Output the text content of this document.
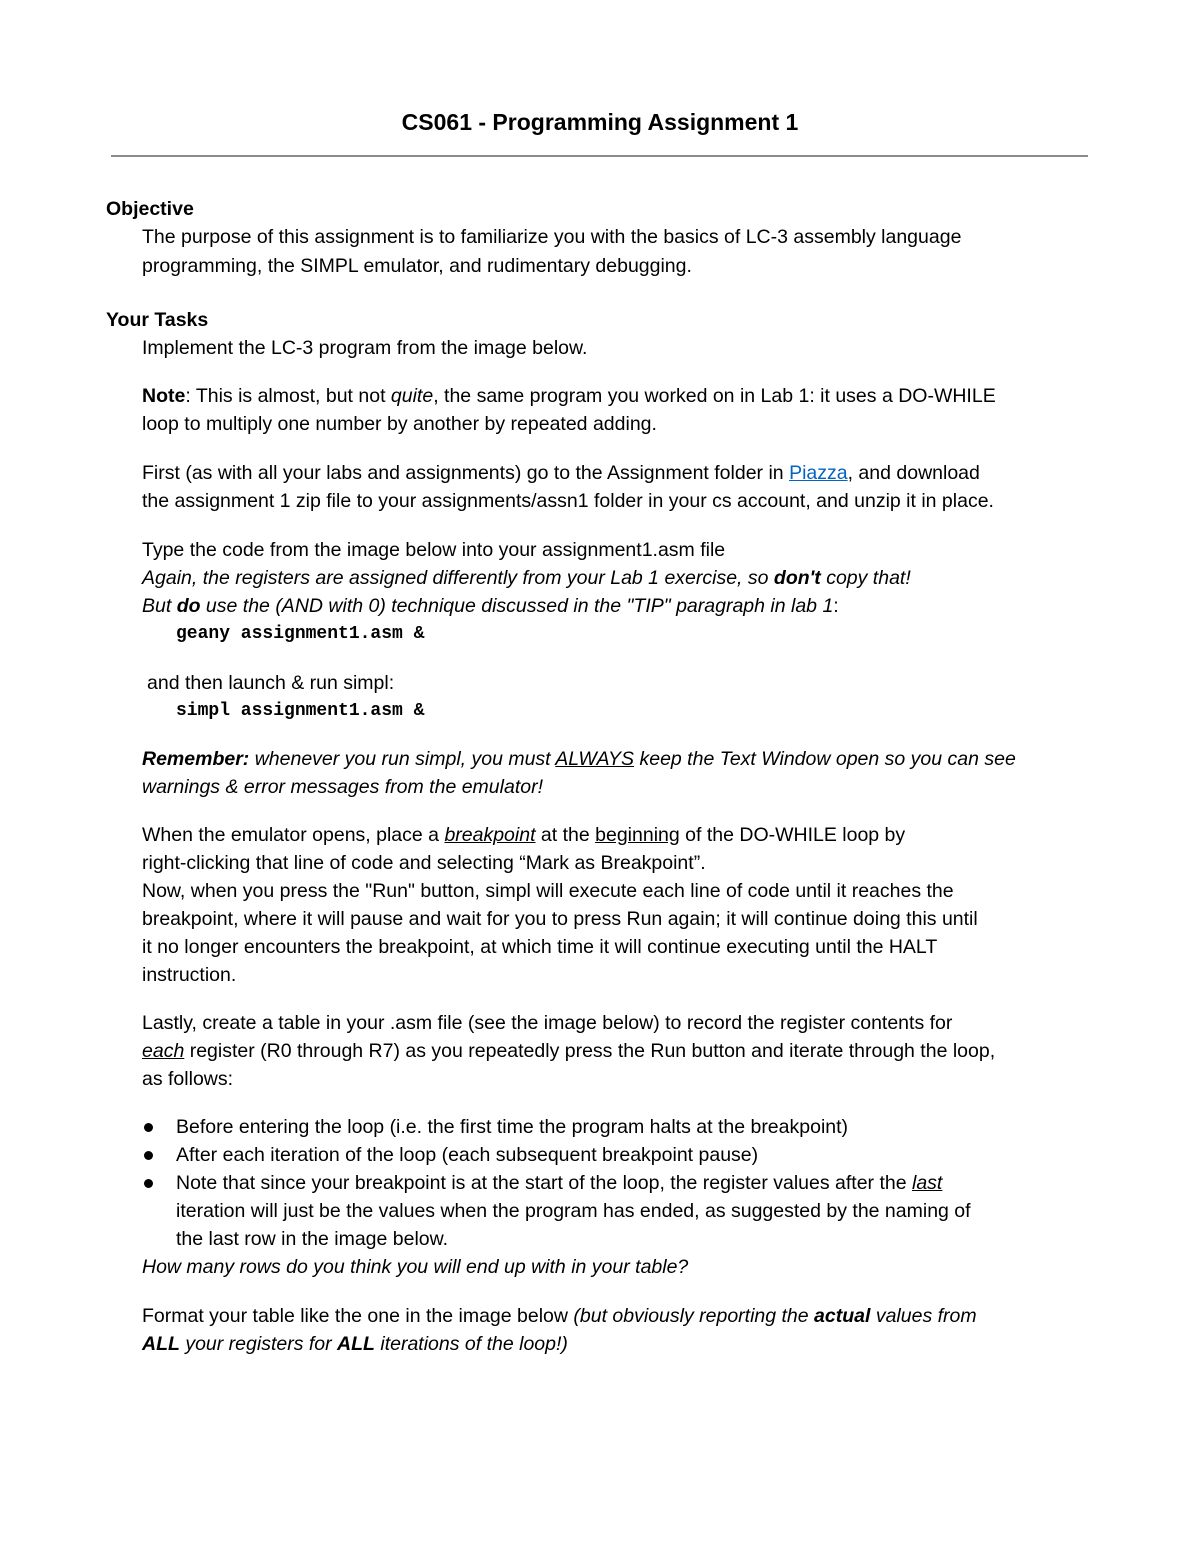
CS061 - Programming Assignment 1
Objective
The purpose of this assignment is to familiarize you with the basics of LC-3 assembly language
programming, the SIMPL emulator, and rudimentary debugging.
Your Tasks
Implement the LC-3 program from the image below.
Note: This is almost, but not quite, the same program you worked on in Lab 1: it uses a DO-WHILE
loop to multiply one number by another by repeated adding.
First (as with all your labs and assignments) go to the Assignment folder in Piazza, and download
the assignment 1 zip file to your assignments/assn1 folder in your cs account, and unzip it in place.
Type the code from the image below into your assignment1.asm file
Again, the registers are assigned differently from your Lab 1 exercise, so don't copy that!
But do use the (AND with 0) technique discussed in the "TIP" paragraph in lab 1:
geany assignment1.asm &
and then launch & run simpl:
simpl assignment1.asm &
Remember: whenever you run simpl, you must ALWAYS keep the Text Window open so you can see
warnings & error messages from the emulator!
When the emulator opens, place a breakpoint at the beginning of the DO-WHILE loop by
right-clicking that line of code and selecting “Mark as Breakpoint”.
Now, when you press the "Run" button, simpl will execute each line of code until it reaches the
breakpoint, where it will pause and wait for you to press Run again; it will continue doing this until
it no longer encounters the breakpoint, at which time it will continue executing until the HALT
instruction.
Lastly, create a table in your .asm file (see the image below) to record the register contents for
each register (R0 through R7) as you repeatedly press the Run button and iterate through the loop,
as follows:
Before entering the loop (i.e. the first time the program halts at the breakpoint)
After each iteration of the loop (each subsequent breakpoint pause)
Note that since your breakpoint is at the start of the loop, the register values after the last
iteration will just be the values when the program has ended, as suggested by the naming of
the last row in the image below.
How many rows do you think you will end up with in your table?
Format your table like the one in the image below (but obviously reporting the actual values from
ALL your registers for ALL iterations of the loop!)
